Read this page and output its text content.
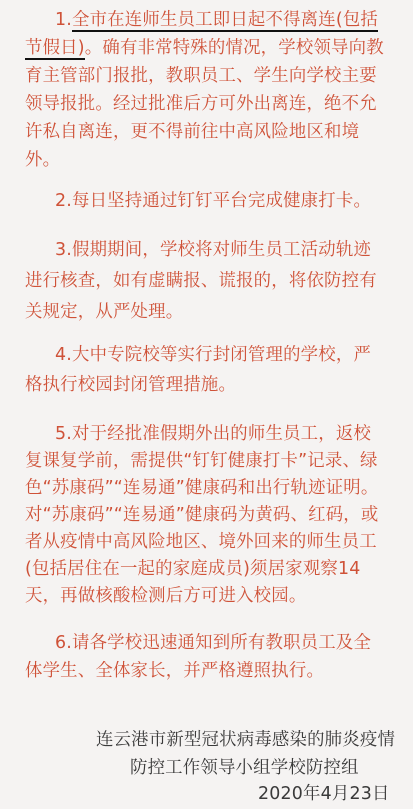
1.全市在连师生员工即日起不得离连(包括
节假日)。确有非常特殊的情况，学校领导向教
育主管部门报批，教职员工、学生向学校主要
领导报批。经过批准后方可外出离连，绝不允
许私自离连，更不得前往中高风险地区和境
外。
2.每日坚持通过钉钉平台完成健康打卡。
3.假期期间，学校将对师生员工活动轨迹
进行核查，如有虚瞒报、谎报的，将依防控有
关规定，从严处理。
4.大中专院校等实行封闭管理的学校，严
格执行校园封闭管理措施。
5.对于经批准假期外出的师生员工，返校
复课复学前，需提供“钉钉健康打卡”记录、绿
色“苏康码”“连易通”健康码和出行轨迹证明。
对“苏康码”“连易通”健康码为黄码、红码，或
者从疫情中高风险地区、境外回来的师生员工
(包括居住在一起的家庭成员)须居家观察14
天，再做核酸检测后方可进入校园。
6.请各学校迅速通知到所有教职员工及全
体学生、全体家长，并严格遵照执行。
连云港市新型冠状病毒感染的肺炎疫情
防控工作领导小组学校防控组
2020年4月23日
